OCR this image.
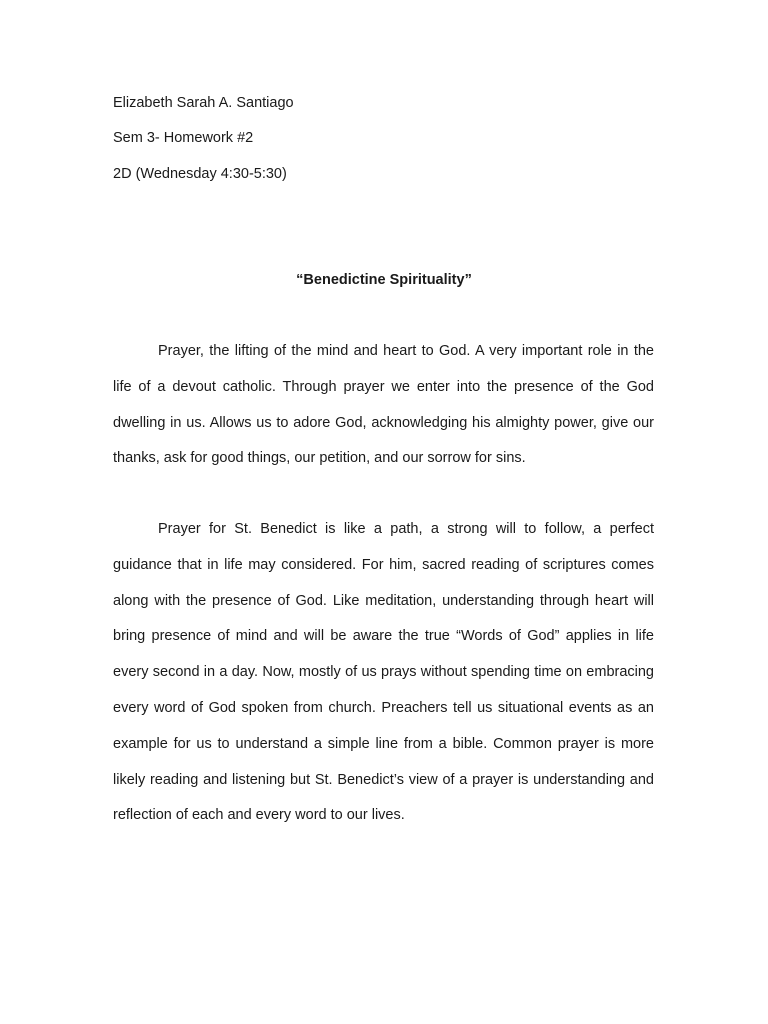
Elizabeth Sarah A. Santiago
Sem 3- Homework #2
2D (Wednesday 4:30-5:30)
“Benedictine Spirituality”

Prayer, the lifting of the mind and heart to God. A very important role in the life of a devout catholic. Through prayer we enter into the presence of the God dwelling in us. Allows us to adore God, acknowledging his almighty power, give our thanks, ask for good things, our petition, and our sorrow for sins.

Prayer for St. Benedict is like a path, a strong will to follow, a perfect guidance that in life may considered. For him, sacred reading of scriptures comes along with the presence of God. Like meditation, understanding through heart will bring presence of mind and will be aware the true “Words of God” applies in life every second in a day. Now, mostly of us prays without spending time on embracing every word of God spoken from church. Preachers tell us situational events as an example for us to understand a simple line from a bible. Common prayer is more likely reading and listening but St. Benedict’s view of a prayer is understanding and reflection of each and every word to our lives.
